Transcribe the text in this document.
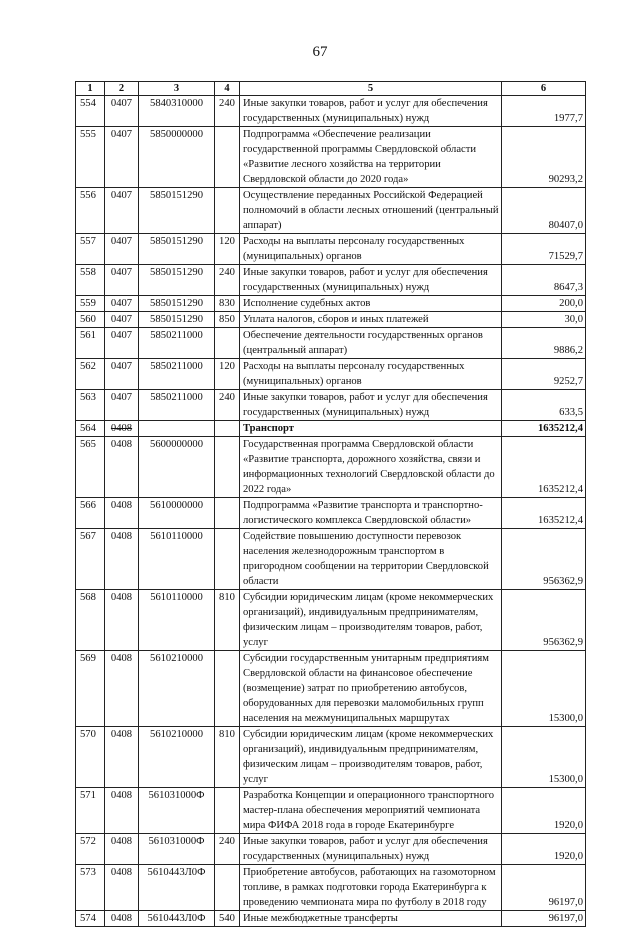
67
1	2	3	4	5	6
554	0407	5840310000	240	Иные закупки товаров, работ и услуг для обеспечения государственных (муниципальных) нужд	1977,7
555	0407	5850000000		Подпрограмма «Обеспечение реализации государственной программы Свердловской области «Развитие лесного хозяйства на территории Свердловской области до 2020 года»	90293,2
556	0407	5850151290		Осуществление переданных Российской Федерацией полномочий в области лесных отношений (центральный аппарат)	80407,0
557	0407	5850151290	120	Расходы на выплаты персоналу государственных (муниципальных) органов	71529,7
558	0407	5850151290	240	Иные закупки товаров, работ и услуг для обеспечения государственных (муниципальных) нужд	8647,3
559	0407	5850151290	830	Исполнение судебных актов	200,0
560	0407	5850151290	850	Уплата налогов, сборов и иных платежей	30,0
561	0407	5850211000		Обеспечение деятельности государственных органов (центральный аппарат)	9886,2
562	0407	5850211000	120	Расходы на выплаты персоналу государственных (муниципальных) органов	9252,7
563	0407	5850211000	240	Иные закупки товаров, работ и услуг для обеспечения государственных (муниципальных) нужд	633,5
564	0408			Транспорт	1635212,4
565	0408	5600000000		Государственная программа Свердловской области «Развитие транспорта, дорожного хозяйства, связи и информационных технологий Свердловской области до 2022 года»	1635212,4
566	0408	5610000000		Подпрограмма «Развитие транспорта и транспортно-логистического комплекса Свердловской области»	1635212,4
567	0408	5610110000		Содействие повышению доступности перевозок населения железнодорожным транспортом в пригородном сообщении на территории Свердловской области	956362,9
568	0408	5610110000	810	Субсидии юридическим лицам (кроме некоммерческих организаций), индивидуальным предпринимателям, физическим лицам – производителям товаров, работ, услуг	956362,9
569	0408	5610210000		Субсидии государственным унитарным предприятиям Свердловской области на финансовое обеспечение (возмещение) затрат по приобретению автобусов, оборудованных для перевозки маломобильных групп населения на межмуниципальных маршрутах	15300,0
570	0408	5610210000	810	Субсидии юридическим лицам (кроме некоммерческих организаций), индивидуальным предпринимателям, физическим лицам – производителям товаров, работ, услуг	15300,0
571	0408	561031000Ф		Разработка Концепции и операционного транспортного мастер-плана обеспечения мероприятий чемпионата мира ФИФА 2018 года в городе Екатеринбурге	1920,0
572	0408	561031000Ф	240	Иные закупки товаров, работ и услуг для обеспечения государственных (муниципальных) нужд	1920,0
573	0408	5610443Л0Ф		Приобретение автобусов, работающих на газомоторном топливе, в рамках подготовки города Екатеринбурга к проведению чемпионата мира по футболу в 2018 году	96197,0
574	0408	5610443Л0Ф	540	Иные межбюджетные трансферты	96197,0
